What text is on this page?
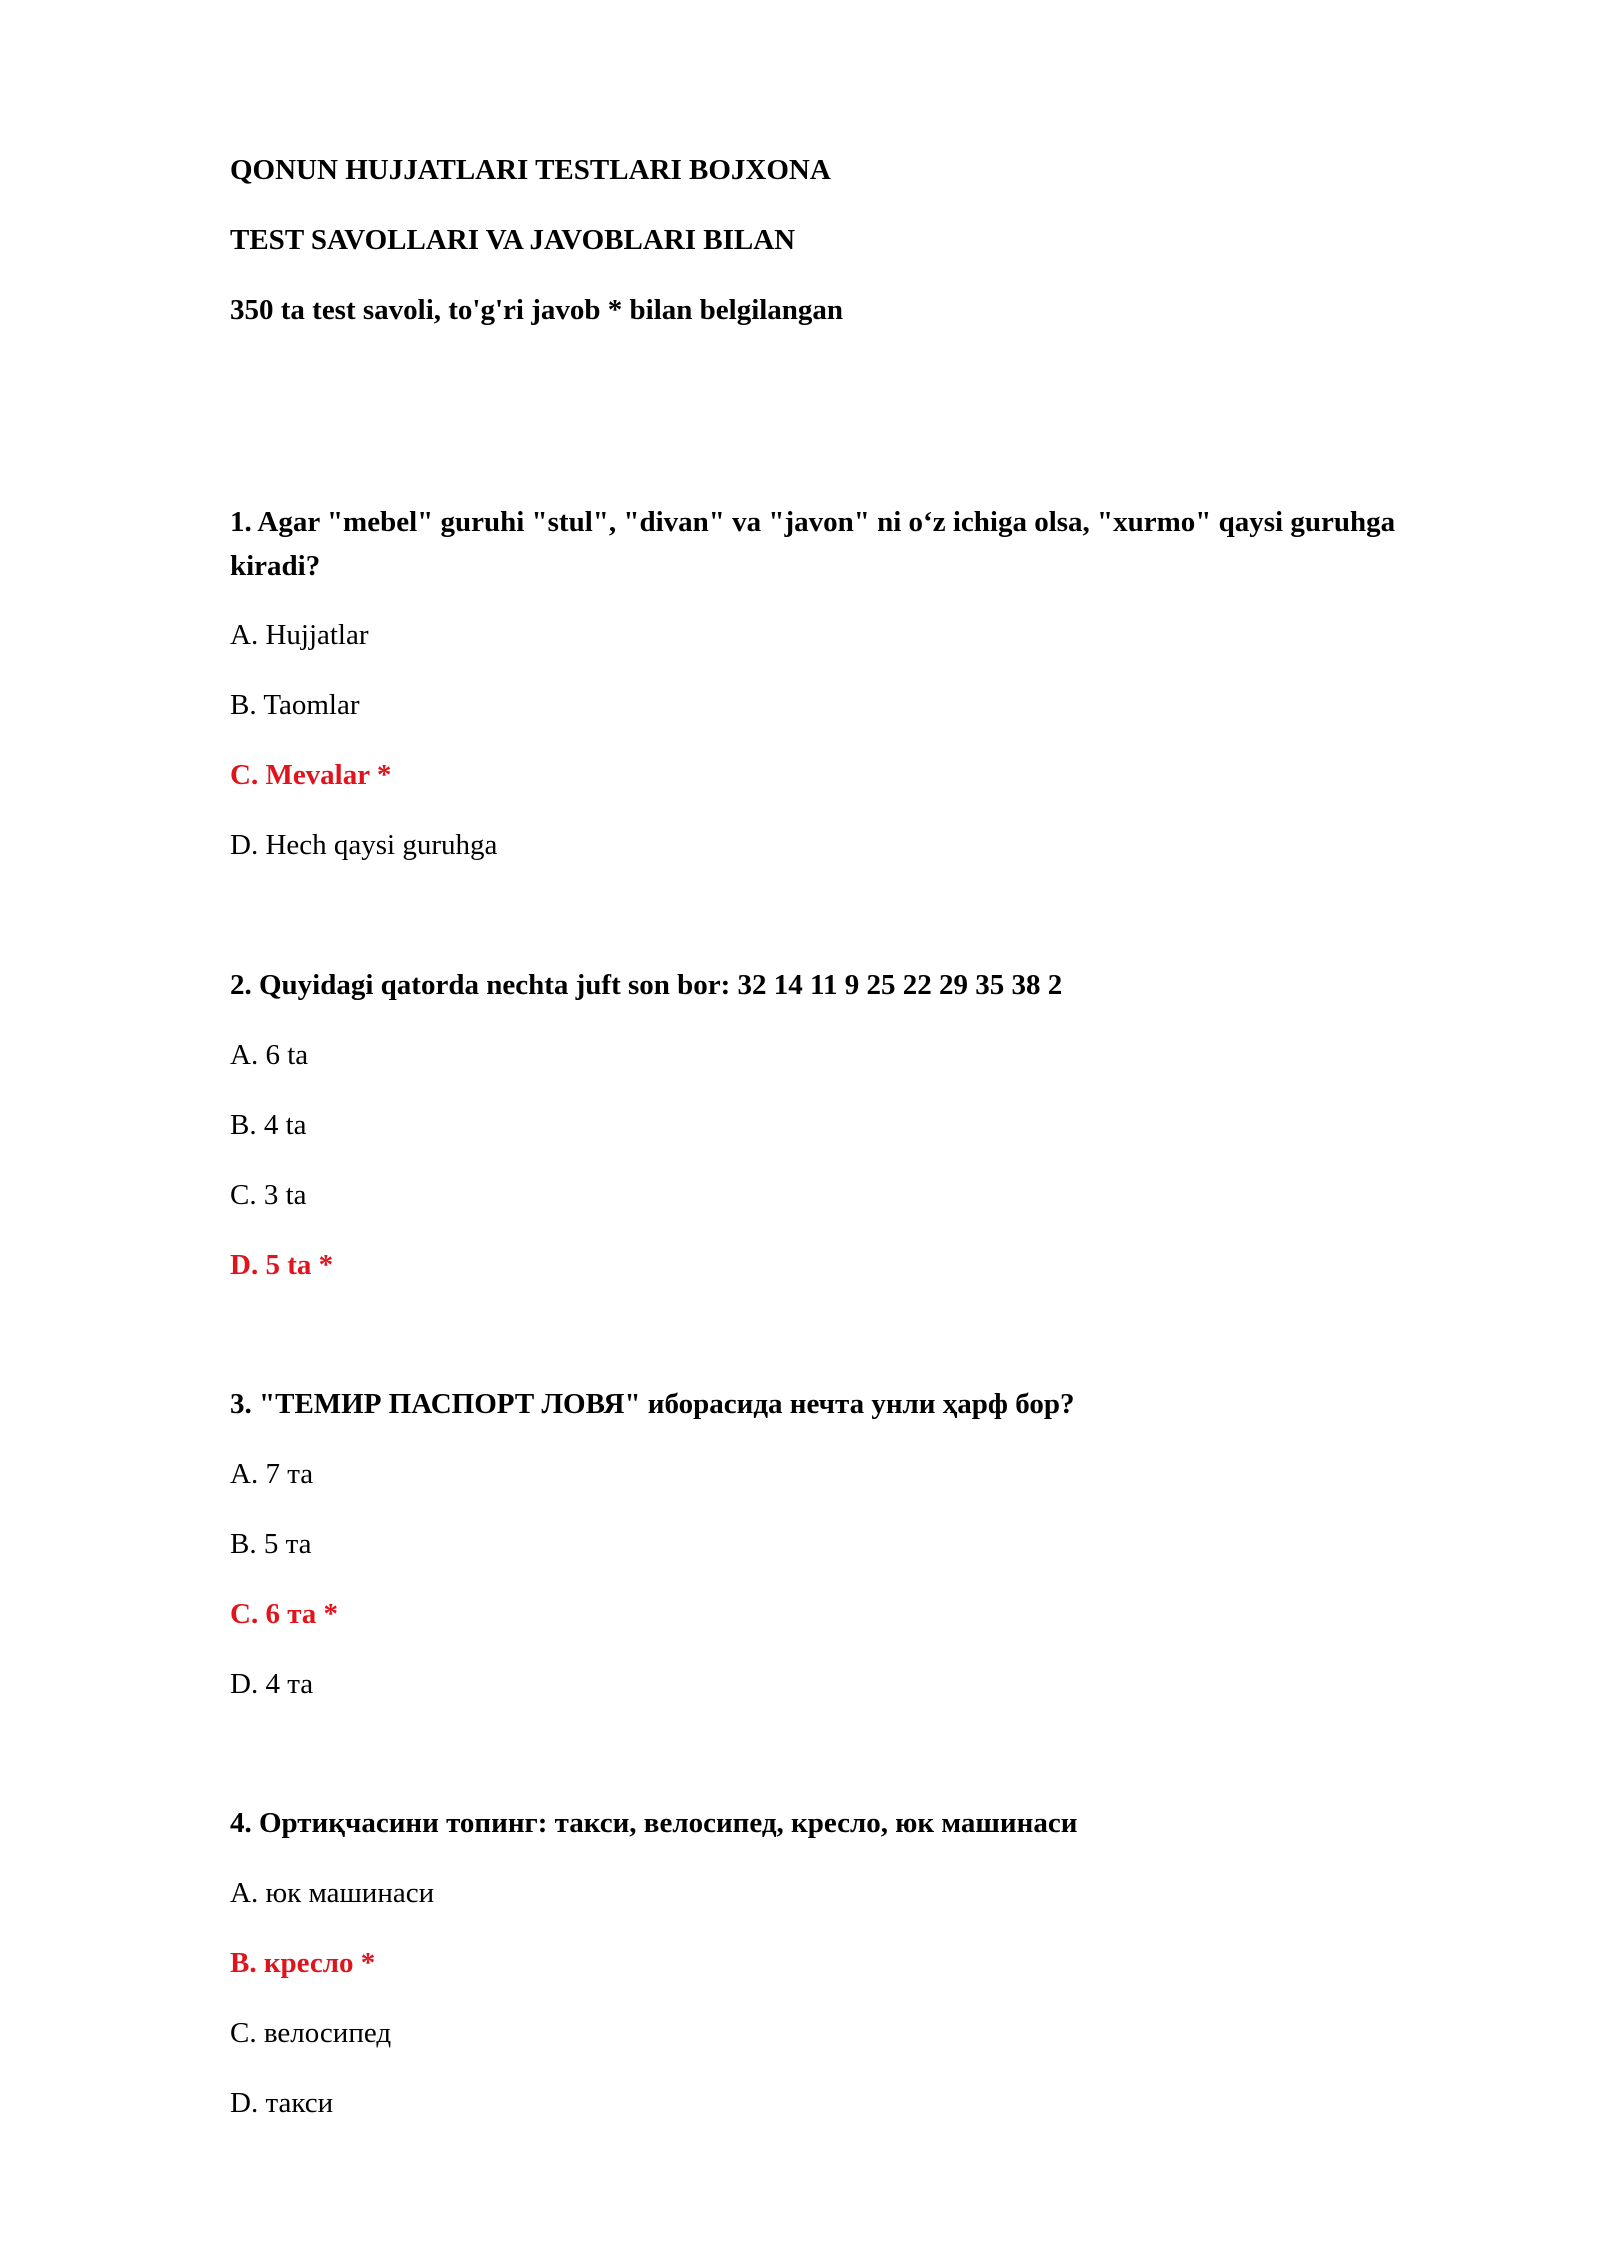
QONUN HUJJATLARI TESTLARI BOJXONA
TEST SAVOLLARI VA JAVOBLARI BILAN
350 ta test savoli, to'g'ri javob * bilan belgilangan
1. Agar "mebel" guruhi "stul", "divan" va "javon" ni o‘z ichiga olsa, "xurmo" qaysi guruhga kiradi?
A. Hujjatlar
B. Taomlar
C. Mevalar *
D. Hech qaysi guruhga
2. Quyidagi qatorda nechta juft son bor: 32 14 11 9 25 22 29 35 38 2
A. 6 ta
B. 4 ta
C. 3 ta
D. 5 ta *
3. "ТЕМИР ПАСПОРТ ЛОВЯ" иборасида нечта унли ҳарф бор?
A. 7 та
B. 5 та
C. 6 та *
D. 4 та
4. Ортиқчасини топинг: такси, велосипед, кресло, юк машинаси
A. юк машинаси
B. кресло *
C. велосипед
D. такси
